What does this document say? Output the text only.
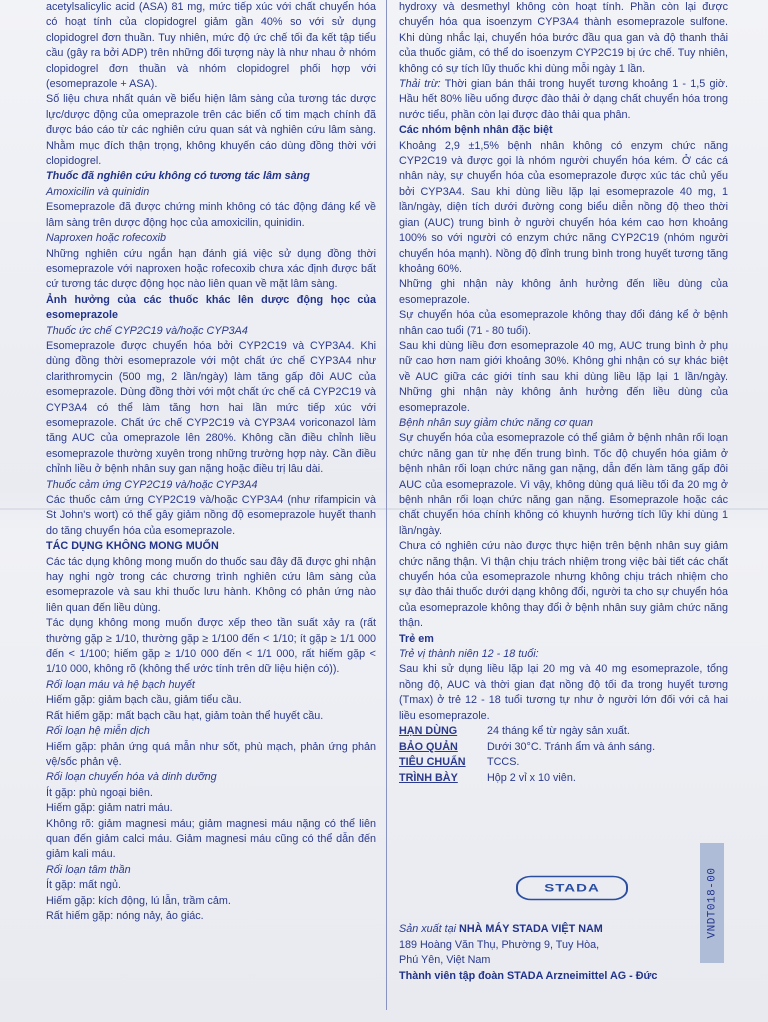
acetylsalicylic acid (ASA) 81 mg, mức tiếp xúc với chất chuyển hóa có hoạt tính của clopidogrel giảm gần 40% so với sử dụng clopidogrel đơn thuần. Tuy nhiên, mức độ ức chế tối đa kết tập tiểu cầu (gây ra bởi ADP) trên những đối tượng này là như nhau ở nhóm clopidogrel đơn thuần và nhóm clopidogrel phối hợp với (esomeprazole + ASA).

Số liệu chưa nhất quán về biểu hiện lâm sàng của tương tác dược lực/dược động của omeprazole trên các biến cố tim mạch chính đã được báo cáo từ các nghiên cứu quan sát và nghiên cứu lâm sàng. Nhằm mục đích thận trọng, không khuyến cáo dùng đồng thời với clopidogrel.

Thuốc đã nghiên cứu không có tương tác lâm sàng

Amoxicilin và quinidin

Esomeprazole đã được chứng minh không có tác động đáng kể về lâm sàng trên dược động học của amoxicilin, quinidin.

Naproxen hoặc rofecoxib

Những nghiên cứu ngắn hạn đánh giá việc sử dụng đồng thời esomeprazole với naproxen hoặc rofecoxib chưa xác định được bất cứ tương tác dược động học nào liên quan về mặt lâm sàng.

Ảnh hưởng của các thuốc khác lên dược động học của esomeprazole

Thuốc ức chế CYP2C19 và/hoặc CYP3A4

Esomeprazole được chuyển hóa bởi CYP2C19 và CYP3A4. Khi dùng đồng thời esomeprazole với một chất ức chế CYP3A4 như clarithromycin (500 mg, 2 lần/ngày) làm tăng gấp đôi AUC của esomeprazole. Dùng đồng thời với một chất ức chế cả CYP2C19 và CYP3A4 có thể làm tăng hơn hai lần mức tiếp xúc với esomeprazole. Chất ức chế CYP2C19 và CYP3A4 voriconazol làm tăng AUC của omeprazole lên 280%. Không cần điều chỉnh liều esomeprazole thường xuyên trong những trường hợp này. Cần điều chỉnh liều ở bệnh nhân suy gan nặng hoặc điều trị lâu dài.

Thuốc cảm ứng CYP2C19 và/hoặc CYP3A4

Các thuốc cảm ứng CYP2C19 và/hoặc CYP3A4 (như rifampicin và St John's wort) có thể gây giảm nồng độ esomeprazole huyết thanh do tăng chuyển hóa của esomeprazole.

TÁC DỤNG KHÔNG MONG MUỐN

Các tác dụng không mong muốn do thuốc sau đây đã được ghi nhận hay nghi ngờ trong các chương trình nghiên cứu lâm sàng của esomeprazole và sau khi thuốc lưu hành. Không có phản ứng nào liên quan đến liều dùng.

Tác dụng không mong muốn được xếp theo tần suất xảy ra (rất thường gặp ≥ 1/10, thường gặp ≥ 1/100 đến < 1/10; ít gặp ≥ 1/1 000 đến < 1/100; hiếm gặp ≥ 1/10 000 đến < 1/1 000, rất hiếm gặp < 1/10 000, không rõ (không thể ước tính trên dữ liệu hiện có)).

Rối loạn máu và hệ bạch huyết

Hiếm gặp: giảm bạch cầu, giảm tiểu cầu.

Rất hiếm gặp: mất bạch cầu hạt, giảm toàn thể huyết cầu.

Rối loạn hệ miễn dịch

Hiếm gặp: phản ứng quá mẫn như sốt, phù mạch, phản ứng phản vệ/sốc phản vệ.

Rối loạn chuyển hóa và dinh dưỡng

Ít gặp: phù ngoại biên.

Hiếm gặp: giảm natri máu.

Không rõ: giảm magnesi máu; giảm magnesi máu nặng có thể liên quan đến giảm calci máu. Giảm magnesi máu cũng có thể dẫn đến giảm kali máu.

Rối loạn tâm thần

Ít gặp: mất ngủ.

Hiếm gặp: kích động, lú lẫn, trầm cảm.

Rất hiếm gặp: nóng nảy, ảo giác.

hydroxy và desmethyl không còn hoạt tính. Phần còn lại được chuyển hóa qua isoenzym CYP3A4 thành esomeprazole sulfone. Khi dùng nhắc lại, chuyển hóa bước đầu qua gan và độ thanh thải của thuốc giảm, có thể do isoenzym CYP2C19 bị ức chế. Tuy nhiên, không có sự tích lũy thuốc khi dùng mỗi ngày 1 lần.

Thải trừ: Thời gian bán thải trong huyết tương khoảng 1 - 1,5 giờ. Hầu hết 80% liều uống được đào thải ở dạng chất chuyển hóa trong nước tiểu, phần còn lại được đào thải qua phân.

Các nhóm bệnh nhân đặc biệt

Khoảng 2,9 ±1,5% bệnh nhân không có enzym chức năng CYP2C19 và được gọi là nhóm người chuyển hóa kém. Ở các cá nhân này, sự chuyển hóa của esomeprazole được xúc tác chủ yếu bởi CYP3A4. Sau khi dùng liều lặp lại esomeprazole 40 mg, 1 lần/ngày, diện tích dưới đường cong biểu diễn nồng độ theo thời gian (AUC) trung bình ở người chuyển hóa kém cao hơn khoảng 100% so với người có enzym chức năng CYP2C19 (nhóm người chuyển hóa mạnh). Nồng độ đỉnh trung bình trong huyết tương tăng khoảng 60%.

Những ghi nhận này không ảnh hưởng đến liều dùng của esomeprazole.

Sự chuyển hóa của esomeprazole không thay đổi đáng kể ở bệnh nhân cao tuổi (71 - 80 tuổi).

Sau khi dùng liều đơn esomeprazole 40 mg, AUC trung bình ở phụ nữ cao hơn nam giới khoảng 30%. Không ghi nhận có sự khác biệt về AUC giữa các giới tính sau khi dùng liều lặp lại 1 lần/ngày. Những ghi nhận này không ảnh hưởng đến liều dùng của esomeprazole.

Bệnh nhân suy giảm chức năng cơ quan

Sự chuyển hóa của esomeprazole có thể giảm ở bệnh nhân rối loạn chức năng gan từ nhẹ đến trung bình. Tốc độ chuyển hóa giảm ở bệnh nhân rối loạn chức năng gan nặng, dẫn đến làm tăng gấp đôi AUC của esomeprazole. Vì vậy, không dùng quá liều tối đa 20 mg ở bệnh nhân rối loạn chức năng gan nặng. Esomeprazole hoặc các chất chuyển hóa chính không có khuynh hướng tích lũy khi dùng 1 lần/ngày.

Chưa có nghiên cứu nào được thực hiện trên bệnh nhân suy giảm chức năng thận. Vì thận chịu trách nhiệm trong việc bài tiết các chất chuyển hóa của esomeprazole nhưng không chịu trách nhiệm cho sự đào thải thuốc dưới dạng không đổi, người ta cho sự chuyển hóa của esomeprazole không thay đổi ở bệnh nhân suy giảm chức năng thận.

Trẻ em

Trẻ vị thành niên 12 - 18 tuổi:

Sau khi sử dụng liều lặp lại 20 mg và 40 mg esomeprazole, tổng nồng độ, AUC và thời gian đạt nồng độ tối đa trong huyết tương (Tmax) ở trẻ 12 - 18 tuổi tương tự như ở người lớn đối với cả hai liều esomeprazole.

HẠN DÙNG	24 tháng kể từ ngày sản xuất.
BẢO QUẢN	Dưới 30°C. Tránh ẩm và ánh sáng.
TIÊU CHUẨN	TCCS.
TRÌNH BÀY	Hộp 2 vỉ x 10 viên.
STADA

Sản xuất tại NHÀ MÁY STADA VIỆT NAM

189 Hoàng Văn Thụ, Phường 9, Tuy Hòa,

Phú Yên, Việt Nam

Thành viên tập đoàn STADA Arzneimittel AG - Đức

VNDT018-00
